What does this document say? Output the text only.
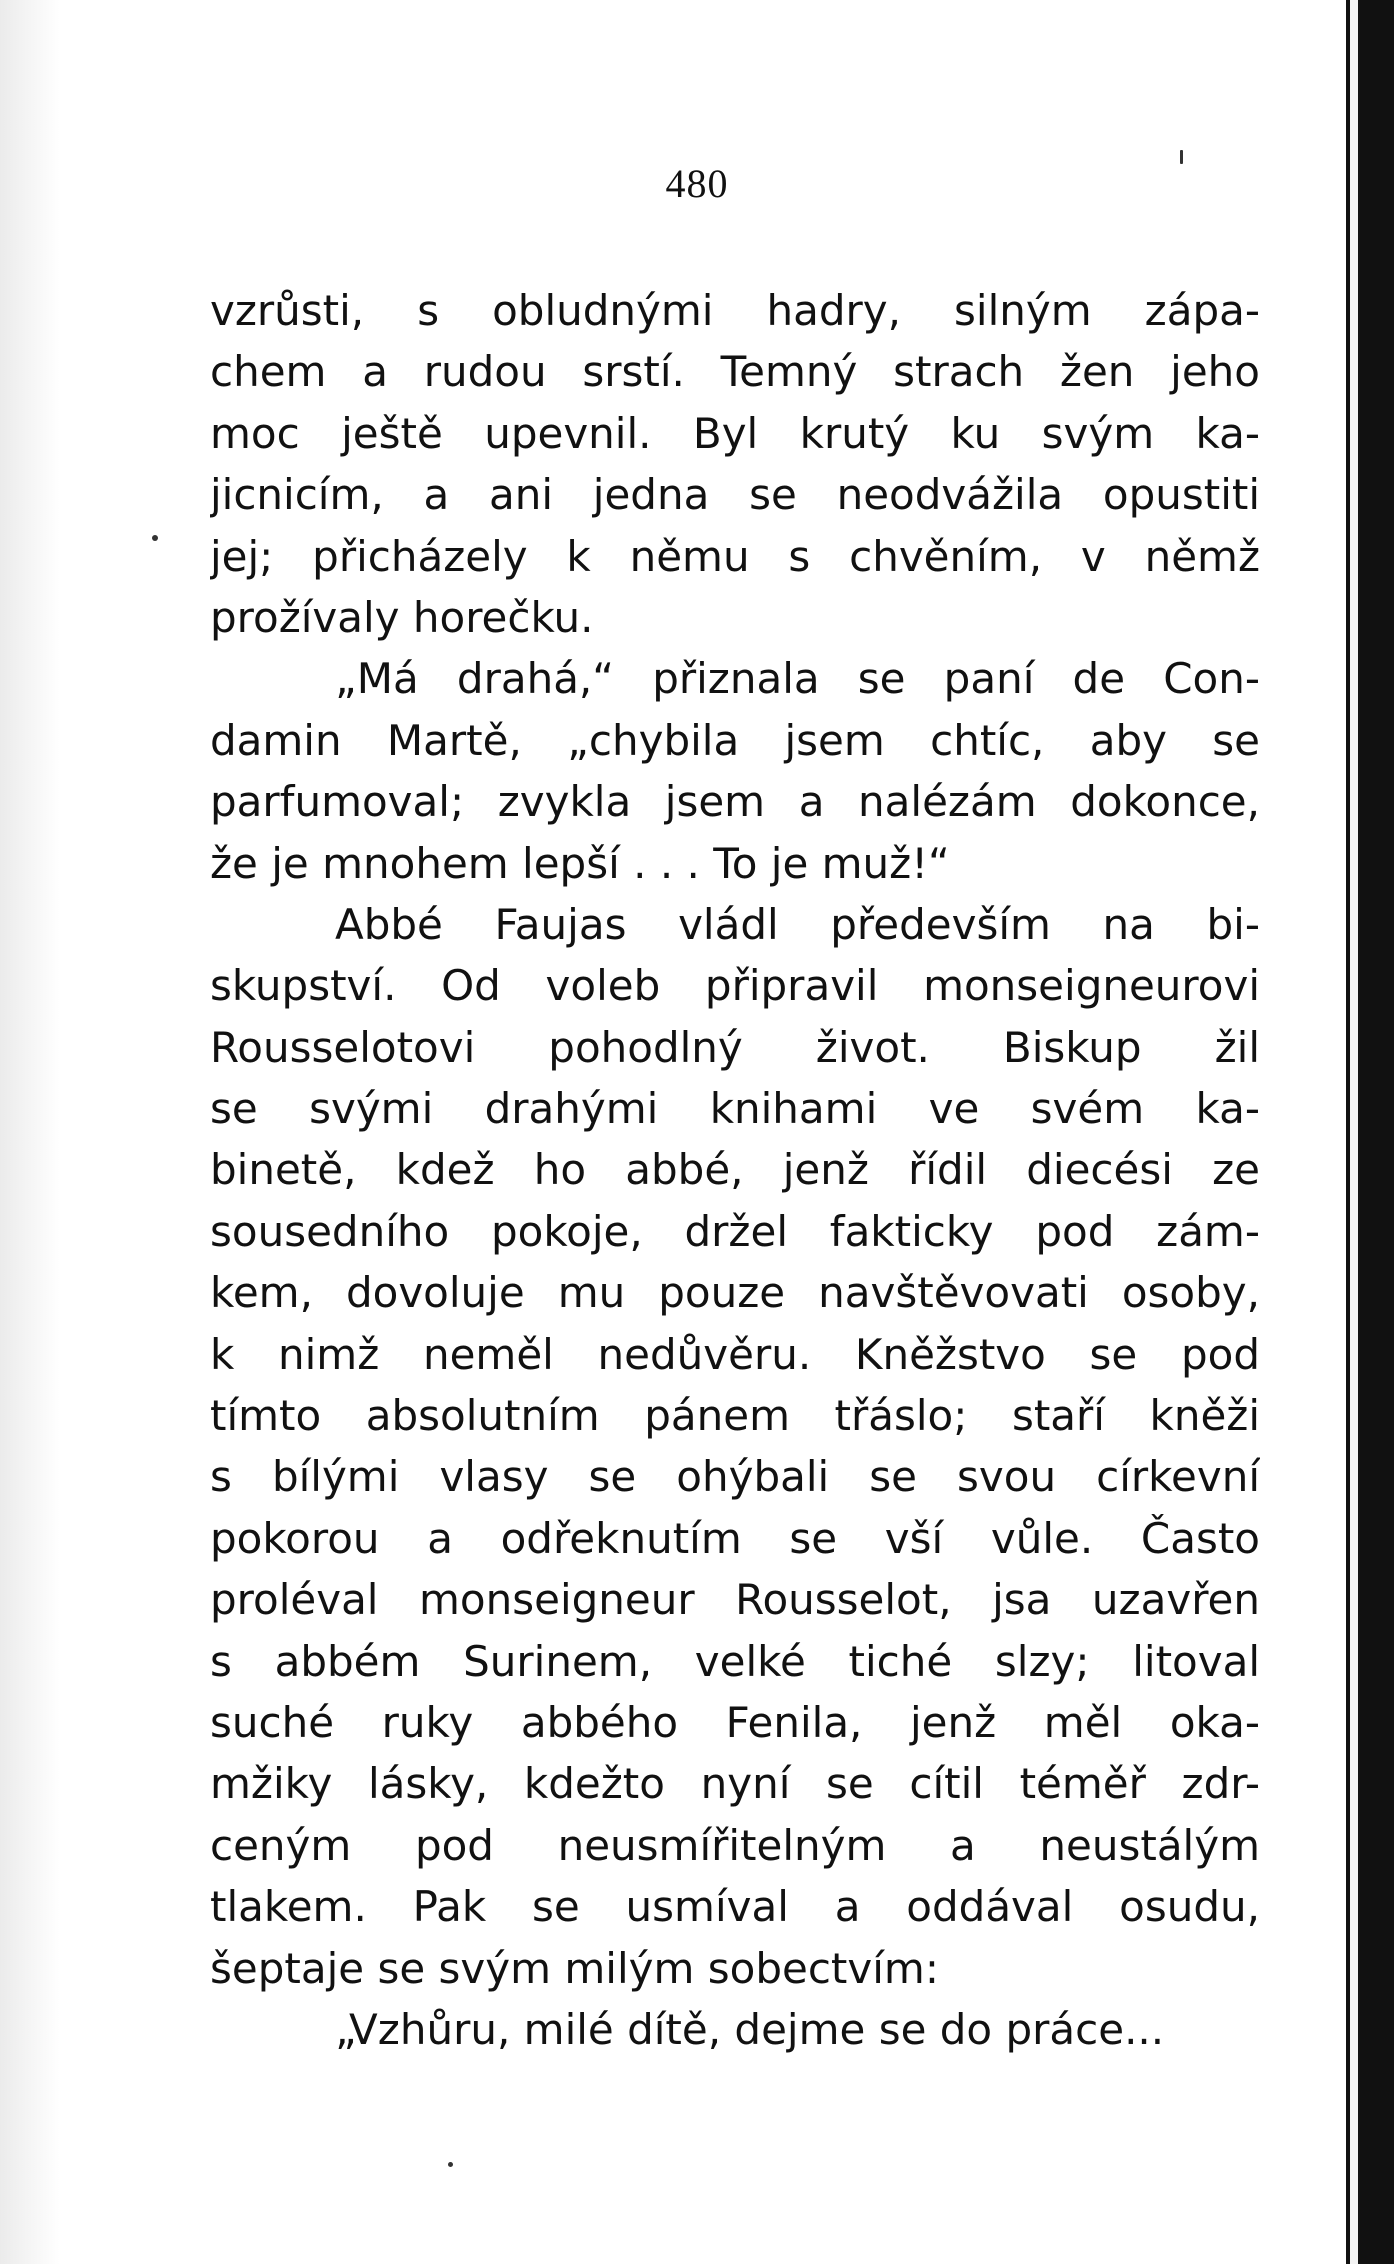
480
vzrůsti, s obludnými hadry, silným zápa-
chem a rudou srstí. Temný strach žen jeho
moc ještě upevnil. Byl krutý ku svým ka-
jicnicím, a ani jedna se neodvážila opustiti
jej; přicházely k němu s chvěním, v němž
prožívaly horečku.
„Má drahá,“ přiznala se paní de Con-
damin Martě, „chybila jsem chtíc, aby se
parfumoval; zvykla jsem a nalézám dokonce,
že je mnohem lepší . . . To je muž!“
Abbé Faujas vládl především na bi-
skupství. Od voleb připravil monseigneurovi
Rousselotovi pohodlný život. Biskup žil
se svými drahými knihami ve svém ka-
binetě, kdež ho abbé, jenž řídil diecési ze
sousedního pokoje, držel fakticky pod zám-
kem, dovoluje mu pouze navštěvovati osoby,
k nimž neměl nedůvěru. Kněžstvo se pod
tímto absolutním pánem třáslo; staří kněži
s bílými vlasy se ohýbali se svou církevní
pokorou a odřeknutím se vší vůle. Často
proléval monseigneur Rousselot, jsa uzavřen
s abbém Surinem, velké tiché slzy; litoval
suché ruky abbého Fenila, jenž měl oka-
mžiky lásky, kdežto nyní se cítil téměř zdr-
ceným pod neusmířitelným a neustálým
tlakem. Pak se usmíval a oddával osudu,
šeptaje se svým milým sobectvím:
„Vzhůru, milé dítě, dejme se do práce...
